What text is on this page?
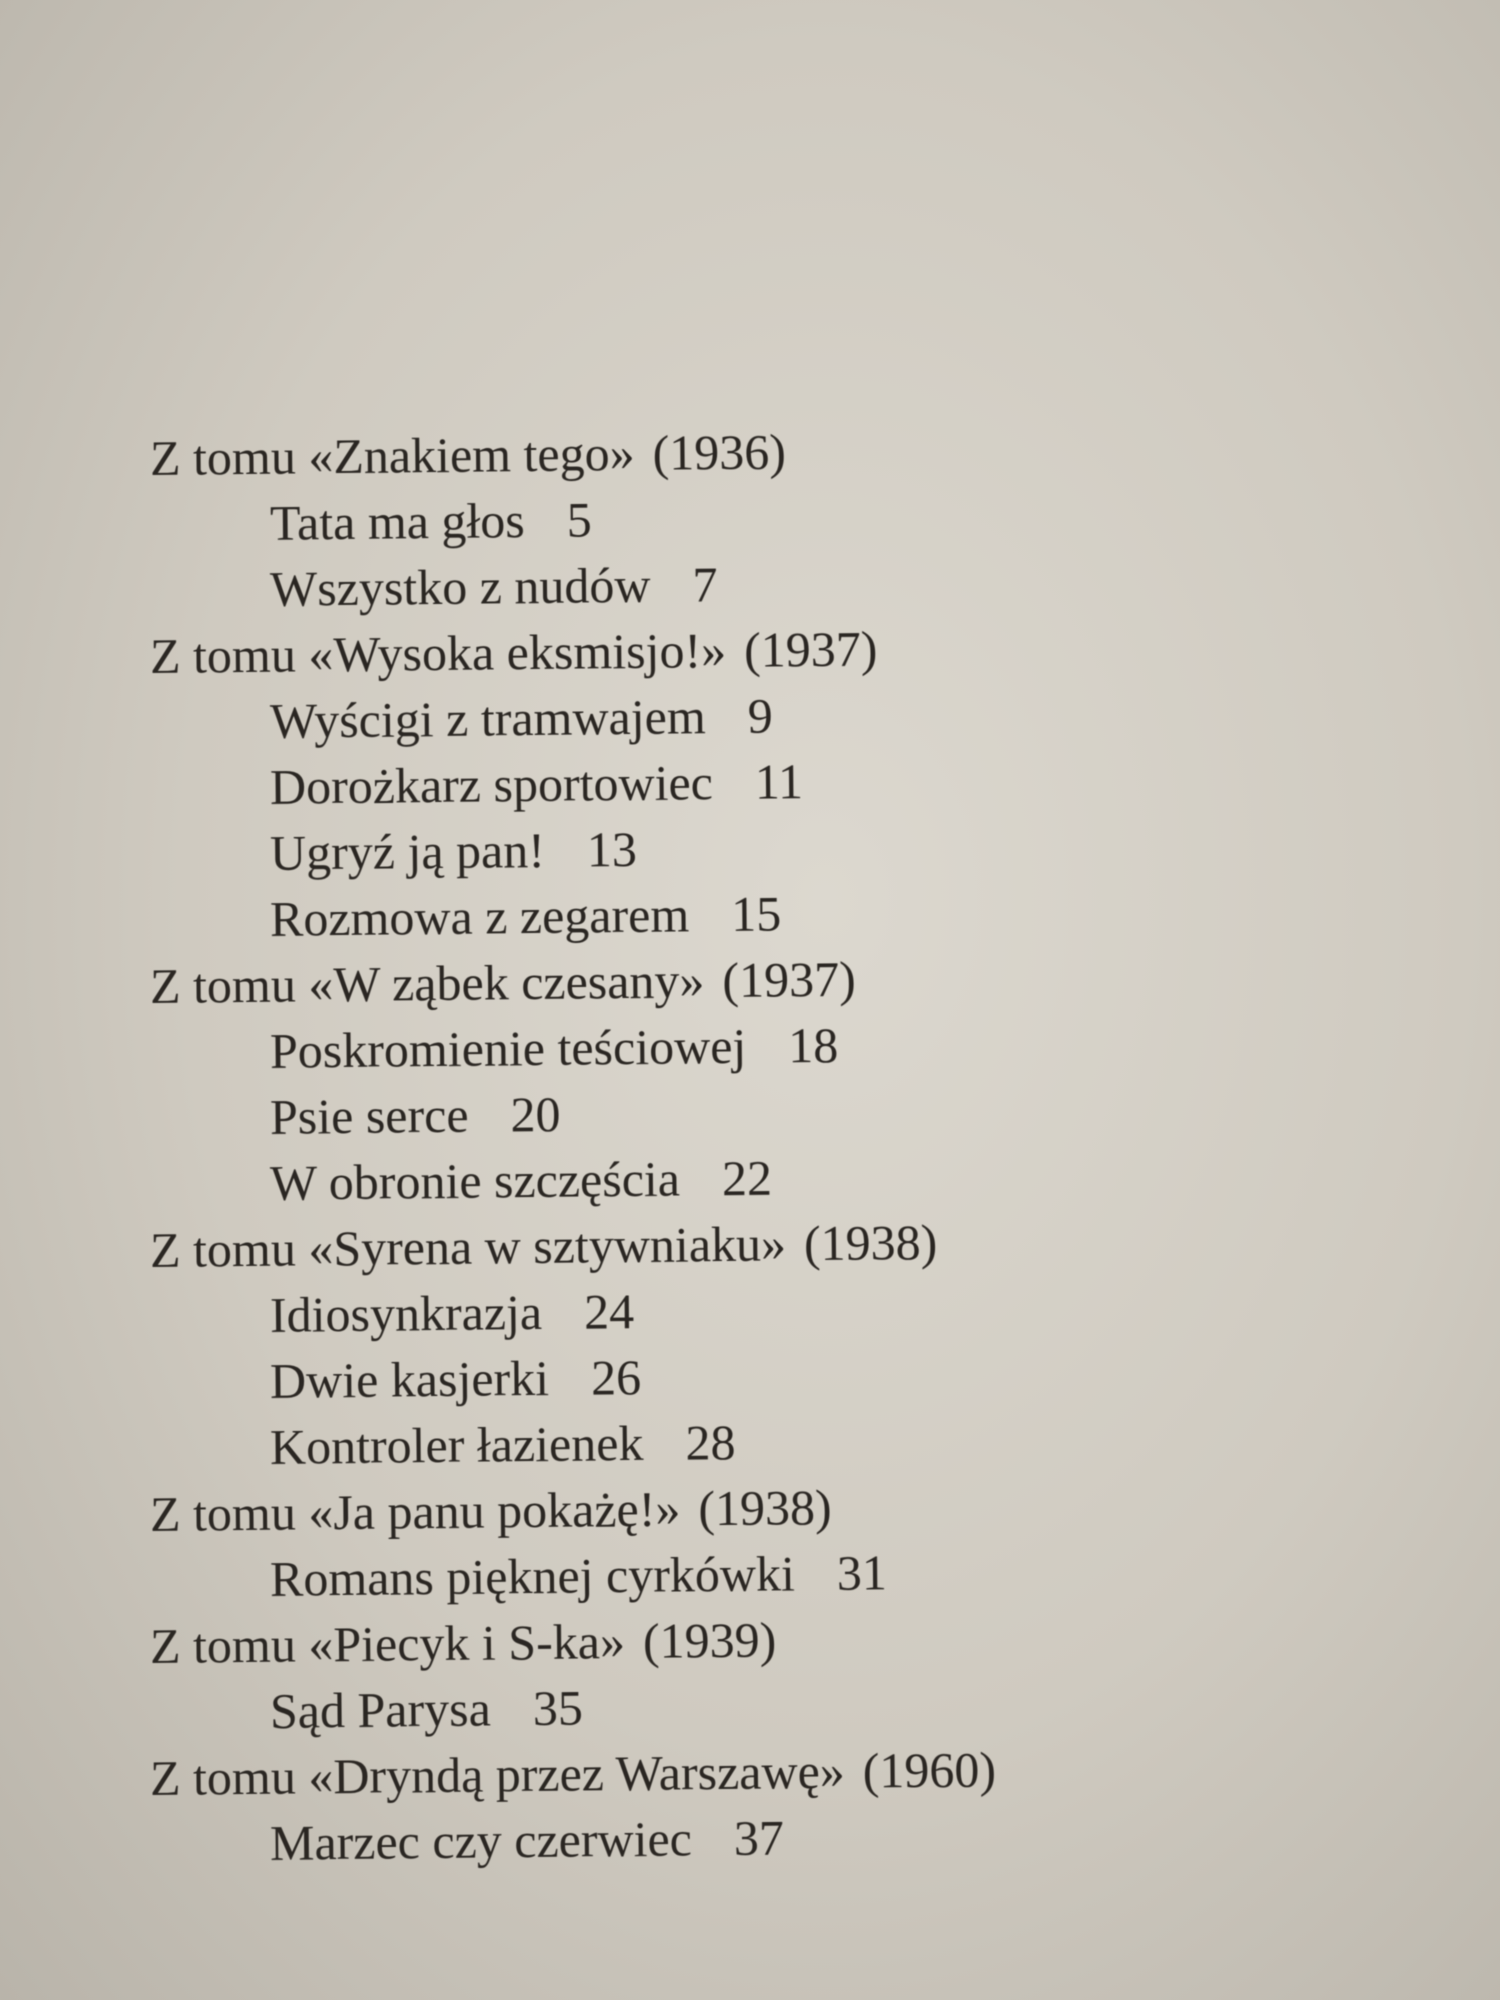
Z tomu «Znakiem tego» (1936)
Tata ma głos 5
Wszystko z nudów 7
Z tomu «Wysoka eksmisjo!» (1937)
Wyścigi z tramwajem 9
Dorożkarz sportowiec 11
Ugryź ją pan! 13
Rozmowa z zegarem 15
Z tomu «W ząbek czesany» (1937)
Poskromienie teściowej 18
Psie serce 20
W obronie szczęścia 22
Z tomu «Syrena w sztywniaku» (1938)
Idiosynkrazja 24
Dwie kasjerki 26
Kontroler łazienek 28
Z tomu «Ja panu pokażę!» (1938)
Romans pięknej cyrkówki 31
Z tomu «Piecyk i S-ka» (1939)
Sąd Parysa 35
Z tomu «Dryndą przez Warszawę» (1960)
Marzec czy czerwiec 37
